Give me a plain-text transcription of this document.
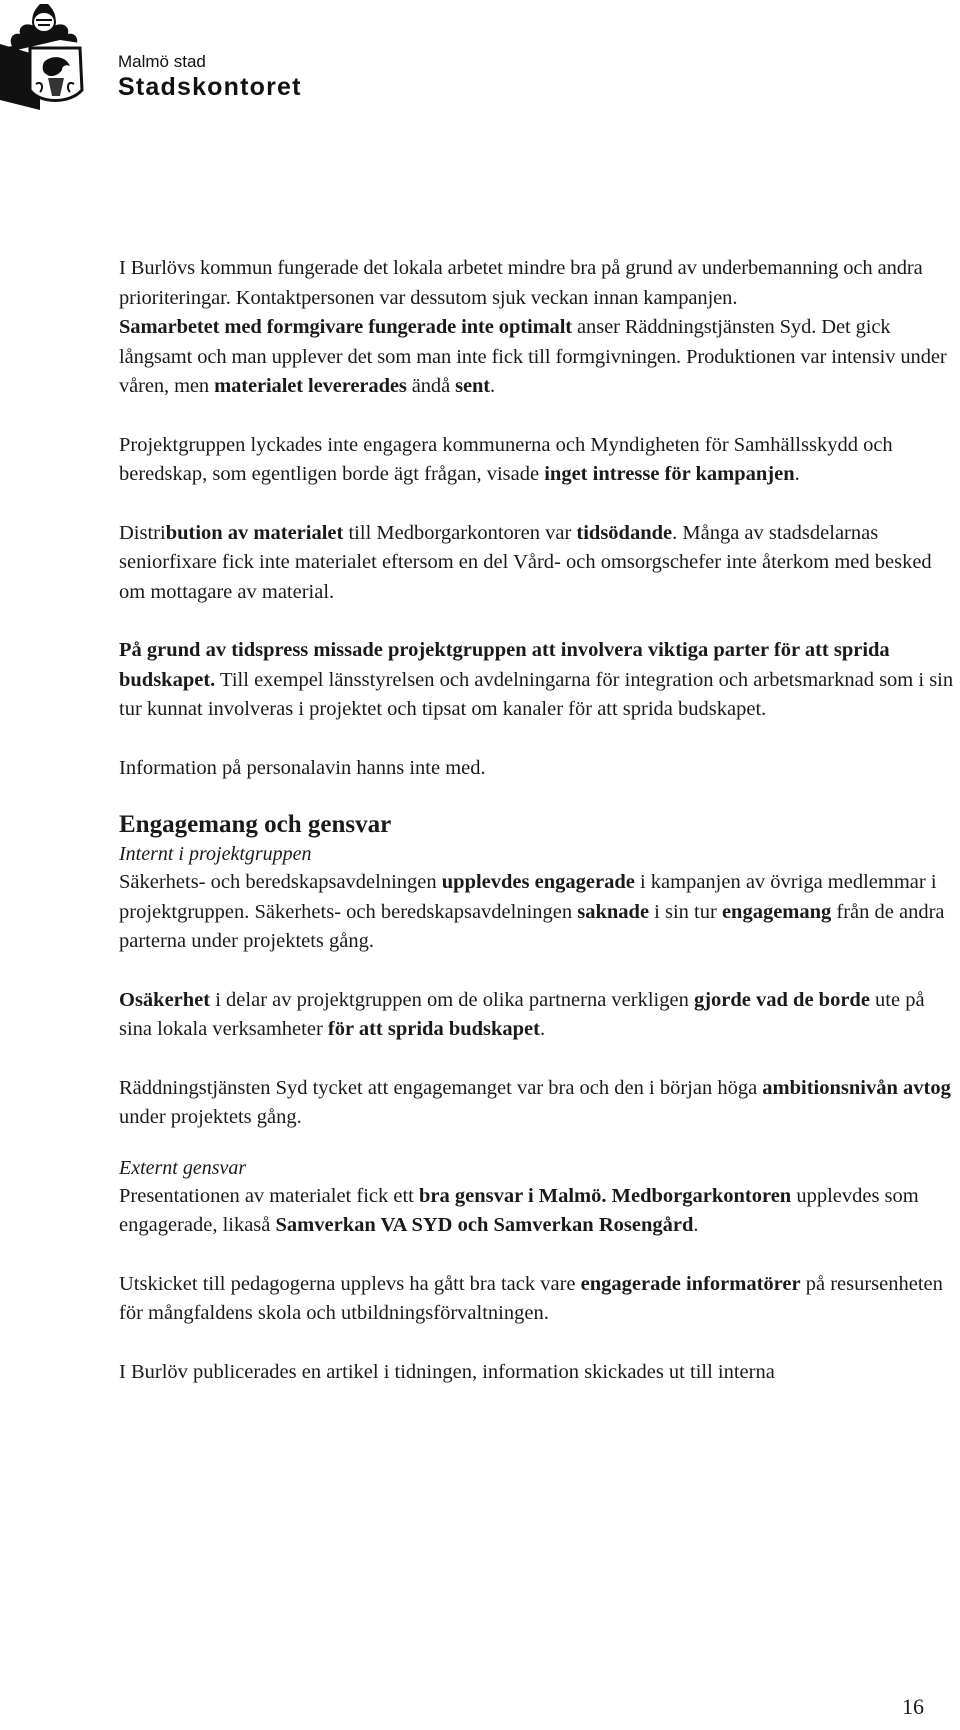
Malmö stad
Stadskontoret

I Burlövs kommun fungerade det lokala arbetet mindre bra på grund av underbemanning och andra prioriteringar. Kontaktpersonen var dessutom sjuk veckan innan kampanjen.

Samarbetet med formgivare fungerade inte optimalt anser Räddningstjänsten Syd. Det gick långsamt och man upplever det som man inte fick till formgivningen. Produktionen var intensiv under våren, men materialet levererades ändå sent.

Projektgruppen lyckades inte engagera kommunerna och Myndigheten för Samhällsskydd och beredskap, som egentligen borde ägt frågan, visade inget intresse för kampanjen.

Distribution av materialet till Medborgarkontoren var tidsödande. Många av stadsdelarnas seniorfixare fick inte materialet eftersom en del Vård- och omsorgschefer inte återkom med besked om mottagare av material.

På grund av tidspress missade projektgruppen att involvera viktiga parter för att sprida budskapet. Till exempel länsstyrelsen och avdelningarna för integration och arbetsmarknad som i sin tur kunnat involveras i projektet och tipsat om kanaler för att sprida budskapet.

Information på personalavin hanns inte med.

Engagemang och gensvar

Internt i projektgruppen

Säkerhets- och beredskapsavdelningen upplevdes engagerade i kampanjen av övriga medlemmar i projektgruppen. Säkerhets- och beredskapsavdelningen saknade i sin tur engagemang från de andra parterna under projektets gång.

Osäkerhet i delar av projektgruppen om de olika partnerna verkligen gjorde vad de borde ute på sina lokala verksamheter för att sprida budskapet.

Räddningstjänsten Syd tycket att engagemanget var bra och den i början höga ambitionsnivån avtog under projektets gång.

Externt gensvar

Presentationen av materialet fick ett bra gensvar i Malmö. Medborgarkontoren upplevdes som engagerade, likaså Samverkan VA SYD och Samverkan Rosengård.

Utskicket till pedagogerna upplevs ha gått bra tack vare engagerade informatörer på resursenheten för mångfaldens skola och utbildningsförvaltningen.

I Burlöv publicerades en artikel i tidningen, information skickades ut till interna

16
